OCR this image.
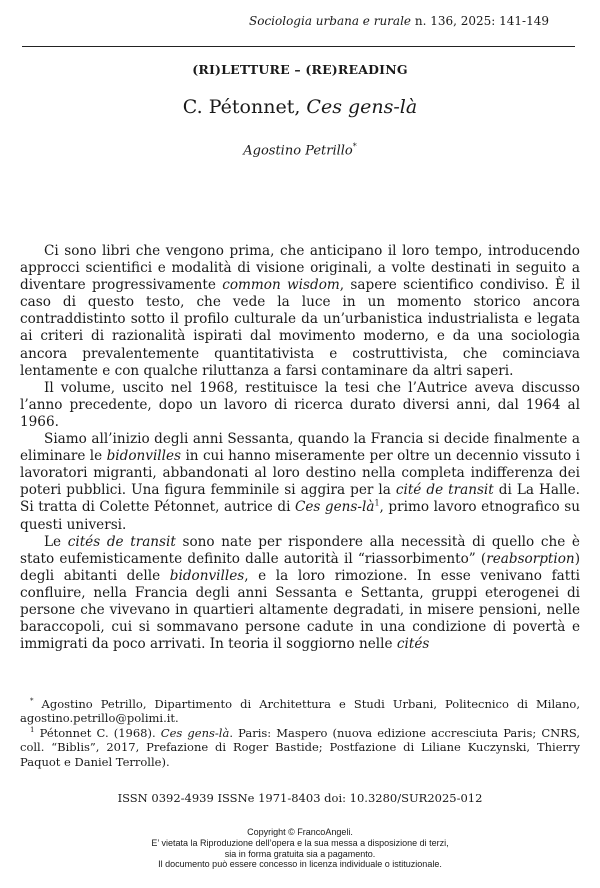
Sociologia urbana e rurale n. 136, 2025: 141-149
(RI)LETTURE – (RE)READING
C. Pétonnet, Ces gens-là
Agostino Petrillo*

Ci sono libri che vengono prima, che anticipano il loro tempo, introducendo approcci scientifici e modalità di visione originali, a volte destinati in seguito a diventare progressivamente common wisdom, sapere scientifico condiviso. È il caso di questo testo, che vede la luce in un momento storico ancora contraddistinto sotto il profilo culturale da un’urbanistica industrialista e legata ai criteri di razionalità ispirati dal movimento moderno, e da una sociologia ancora prevalentemente quantitativista e costruttivista, che cominciava lentamente e con qualche riluttanza a farsi contaminare da altri saperi.

Il volume, uscito nel 1968, restituisce la tesi che l’Autrice aveva discusso l’anno precedente, dopo un lavoro di ricerca durato diversi anni, dal 1964 al 1966.

Siamo all’inizio degli anni Sessanta, quando la Francia si decide finalmente a eliminare le bidonvilles in cui hanno miseramente per oltre un decennio vissuto i lavoratori migranti, abbandonati al loro destino nella completa indifferenza dei poteri pubblici. Una figura femminile si aggira per la cité de transit di La Halle. Si tratta di Colette Pétonnet, autrice di Ces gens-$là^1$, primo lavoro etnografico su questi universi.

Le cités de transit sono nate per rispondere alla necessità di quello che è stato eufemisticamente definito dalle autorità il “riassorbimento” (reabsorption) degli abitanti delle bidonvilles, e la loro rimozione. In esse venivano fatti confluire, nella Francia degli anni Sessanta e Settanta, gruppi eterogenei di persone che vivevano in quartieri altamente degradati, in misere pensioni, nelle baraccopoli, cui si sommavano persone cadute in una condizione di povertà e immigrati da poco arrivati. In teoria il soggiorno nelle cités

* Agostino Petrillo, Dipartimento di Architettura e Studi Urbani, Politecnico di Milano, agostino.petrillo@polimi.it.

$^1$ Pétonnet C. (1968). Ces gens-là. Paris: Maspero (nuova edizione accresciuta Paris; CNRS, coll. “Biblis”, 2017, Prefazione di Roger Bastide; Postfazione di Liliane Kuczynski, Thierry Paquot e Daniel Terrolle).

ISSN 0392-4939 ISSNe 1971-8403 doi: 10.3280/SUR2025-012
Copyright © FrancoAngeli.
E’ vietata la Riproduzione dell’opera e la sua messa a disposizione di terzi,
sia in forma gratuita sia a pagamento.
Il documento può essere concesso in licenza individuale o istituzionale.
